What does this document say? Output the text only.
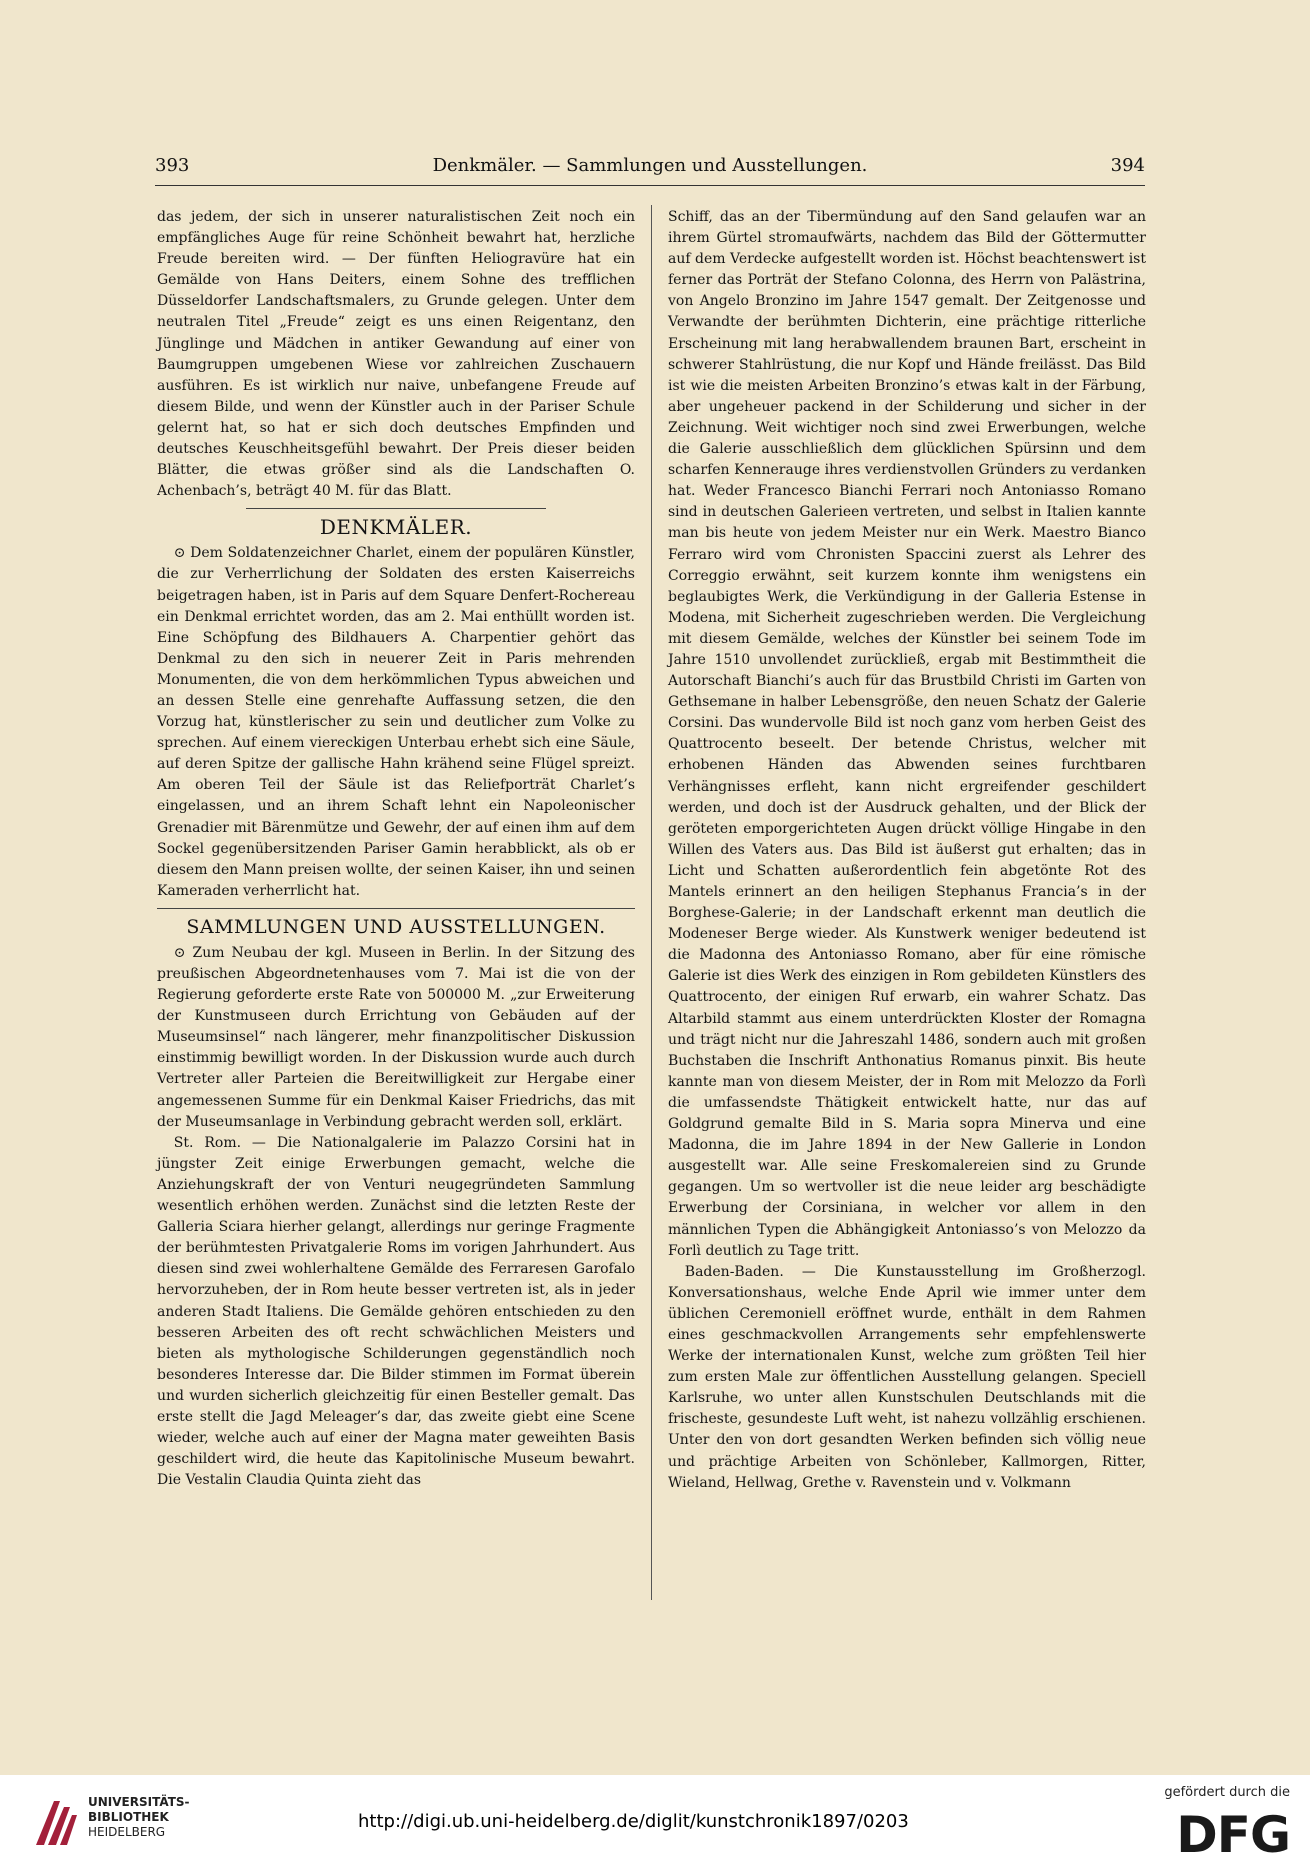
393	Denkmäler. — Sammlungen und Ausstellungen.	394

das jedem, der sich in unserer naturalistischen Zeit noch ein empfängliches Auge für reine Schönheit bewahrt hat, herzliche Freude bereiten wird. — Der fünften Heliogravüre hat ein Gemälde von Hans Deiters, einem Sohne des trefflichen Düsseldorfer Landschaftsmalers, zu Grunde gelegen. Unter dem neutralen Titel „Freude“ zeigt es uns einen Reigentanz, den Jünglinge und Mädchen in antiker Gewandung auf einer von Baumgruppen umgebenen Wiese vor zahlreichen Zuschauern ausführen. Es ist wirklich nur naive, unbefangene Freude auf diesem Bilde, und wenn der Künstler auch in der Pariser Schule gelernt hat, so hat er sich doch deutsches Empfinden und deutsches Keuschheitsgefühl bewahrt. Der Preis dieser beiden Blätter, die etwas größer sind als die Landschaften O. Achenbach’s, beträgt 40 M. für das Blatt.

DENKMÄLER.

⊙ Dem Soldatenzeichner Charlet, einem der populären Künstler, die zur Verherrlichung der Soldaten des ersten Kaiserreichs beigetragen haben, ist in Paris auf dem Square Denfert-Rochereau ein Denkmal errichtet worden, das am 2. Mai enthüllt worden ist. Eine Schöpfung des Bildhauers A. Charpentier gehört das Denkmal zu den sich in neuerer Zeit in Paris mehrenden Monumenten, die von dem herkömmlichen Typus abweichen und an dessen Stelle eine genrehafte Auffassung setzen, die den Vorzug hat, künstlerischer zu sein und deutlicher zum Volke zu sprechen. Auf einem viereckigen Unterbau erhebt sich eine Säule, auf deren Spitze der gallische Hahn krähend seine Flügel spreizt. Am oberen Teil der Säule ist das Reliefporträt Charlet’s eingelassen, und an ihrem Schaft lehnt ein Napoleonischer Grenadier mit Bärenmütze und Gewehr, der auf einen ihm auf dem Sockel gegenübersitzenden Pariser Gamin herabblickt, als ob er diesem den Mann preisen wollte, der seinen Kaiser, ihn und seinen Kameraden verherrlicht hat.

SAMMLUNGEN UND AUSSTELLUNGEN.

⊙ Zum Neubau der kgl. Museen in Berlin. In der Sitzung des preußischen Abgeordnetenhauses vom 7. Mai ist die von der Regierung geforderte erste Rate von 500000 M. „zur Erweiterung der Kunstmuseen durch Errichtung von Gebäuden auf der Museumsinsel“ nach längerer, mehr finanzpolitischer Diskussion einstimmig bewilligt worden. In der Diskussion wurde auch durch Vertreter aller Parteien die Bereitwilligkeit zur Hergabe einer angemessenen Summe für ein Denkmal Kaiser Friedrichs, das mit der Museumsanlage in Verbindung gebracht werden soll, erklärt.

St. Rom. — Die Nationalgalerie im Palazzo Corsini hat in jüngster Zeit einige Erwerbungen gemacht, welche die Anziehungskraft der von Venturi neugegründeten Sammlung wesentlich erhöhen werden. Zunächst sind die letzten Reste der Galleria Sciara hierher gelangt, allerdings nur geringe Fragmente der berühmtesten Privatgalerie Roms im vorigen Jahrhundert. Aus diesen sind zwei wohlerhaltene Gemälde des Ferraresen Garofalo hervorzuheben, der in Rom heute besser vertreten ist, als in jeder anderen Stadt Italiens. Die Gemälde gehören entschieden zu den besseren Arbeiten des oft recht schwächlichen Meisters und bieten als mythologische Schilderungen gegenständlich noch besonderes Interesse dar. Die Bilder stimmen im Format überein und wurden sicherlich gleichzeitig für einen Besteller gemalt. Das erste stellt die Jagd Meleager’s dar, das zweite giebt eine Scene wieder, welche auch auf einer der Magna mater geweihten Basis geschildert wird, die heute das Kapitolinische Museum bewahrt. Die Vestalin Claudia Quinta zieht das

Schiff, das an der Tibermündung auf den Sand gelaufen war an ihrem Gürtel stromaufwärts, nachdem das Bild der Göttermutter auf dem Verdecke aufgestellt worden ist. Höchst beachtenswert ist ferner das Porträt der Stefano Colonna, des Herrn von Palästrina, von Angelo Bronzino im Jahre 1547 gemalt. Der Zeitgenosse und Verwandte der berühmten Dichterin, eine prächtige ritterliche Erscheinung mit lang herabwallendem braunen Bart, erscheint in schwerer Stahlrüstung, die nur Kopf und Hände freilässt. Das Bild ist wie die meisten Arbeiten Bronzino’s etwas kalt in der Färbung, aber ungeheuer packend in der Schilderung und sicher in der Zeichnung. Weit wichtiger noch sind zwei Erwerbungen, welche die Galerie ausschließlich dem glücklichen Spürsinn und dem scharfen Kennerauge ihres verdienstvollen Gründers zu verdanken hat. Weder Francesco Bianchi Ferrari noch Antoniasso Romano sind in deutschen Galerieen vertreten, und selbst in Italien kannte man bis heute von jedem Meister nur ein Werk. Maestro Bianco Ferraro wird vom Chronisten Spaccini zuerst als Lehrer des Correggio erwähnt, seit kurzem konnte ihm wenigstens ein beglaubigtes Werk, die Verkündigung in der Galleria Estense in Modena, mit Sicherheit zugeschrieben werden. Die Vergleichung mit diesem Gemälde, welches der Künstler bei seinem Tode im Jahre 1510 unvollendet zurückließ, ergab mit Bestimmtheit die Autorschaft Bianchi’s auch für das Brustbild Christi im Garten von Gethsemane in halber Lebensgröße, den neuen Schatz der Galerie Corsini. Das wundervolle Bild ist noch ganz vom herben Geist des Quattrocento beseelt. Der betende Christus, welcher mit erhobenen Händen das Abwenden seines furchtbaren Verhängnisses erfleht, kann nicht ergreifender geschildert werden, und doch ist der Ausdruck gehalten, und der Blick der geröteten emporgerichteten Augen drückt völlige Hingabe in den Willen des Vaters aus. Das Bild ist äußerst gut erhalten; das in Licht und Schatten außerordentlich fein abgetönte Rot des Mantels erinnert an den heiligen Stephanus Francia’s in der Borghese-Galerie; in der Landschaft erkennt man deutlich die Modeneser Berge wieder. Als Kunstwerk weniger bedeutend ist die Madonna des Antoniasso Romano, aber für eine römische Galerie ist dies Werk des einzigen in Rom gebildeten Künstlers des Quattrocento, der einigen Ruf erwarb, ein wahrer Schatz. Das Altarbild stammt aus einem unterdrückten Kloster der Romagna und trägt nicht nur die Jahreszahl 1486, sondern auch mit großen Buchstaben die Inschrift Anthonatius Romanus pinxit. Bis heute kannte man von diesem Meister, der in Rom mit Melozzo da Forlì die umfassendste Thätigkeit entwickelt hatte, nur das auf Goldgrund gemalte Bild in S. Maria sopra Minerva und eine Madonna, die im Jahre 1894 in der New Gallerie in London ausgestellt war. Alle seine Freskomalereien sind zu Grunde gegangen. Um so wertvoller ist die neue leider arg beschädigte Erwerbung der Corsiniana, in welcher vor allem in den männlichen Typen die Abhängigkeit Antoniasso’s von Melozzo da Forlì deutlich zu Tage tritt.

Baden-Baden. — Die Kunstausstellung im Großherzogl. Konversationshaus, welche Ende April wie immer unter dem üblichen Ceremoniell eröffnet wurde, enthält in dem Rahmen eines geschmackvollen Arrangements sehr empfehlenswerte Werke der internationalen Kunst, welche zum größten Teil hier zum ersten Male zur öffentlichen Ausstellung gelangen. Speciell Karlsruhe, wo unter allen Kunstschulen Deutschlands mit die frischeste, gesundeste Luft weht, ist nahezu vollzählig erschienen. Unter den von dort gesandten Werken befinden sich völlig neue und prächtige Arbeiten von Schönleber, Kallmorgen, Ritter, Wieland, Hellwag, Grethe v. Ravenstein und v. Volkmann

UNIVERSITÄTS-
BIBLIOTHEK
HEIDELBERG	http://digi.ub.uni-heidelberg.de/diglit/kunstchronik1897/0203
gefördert durch die
DFG
